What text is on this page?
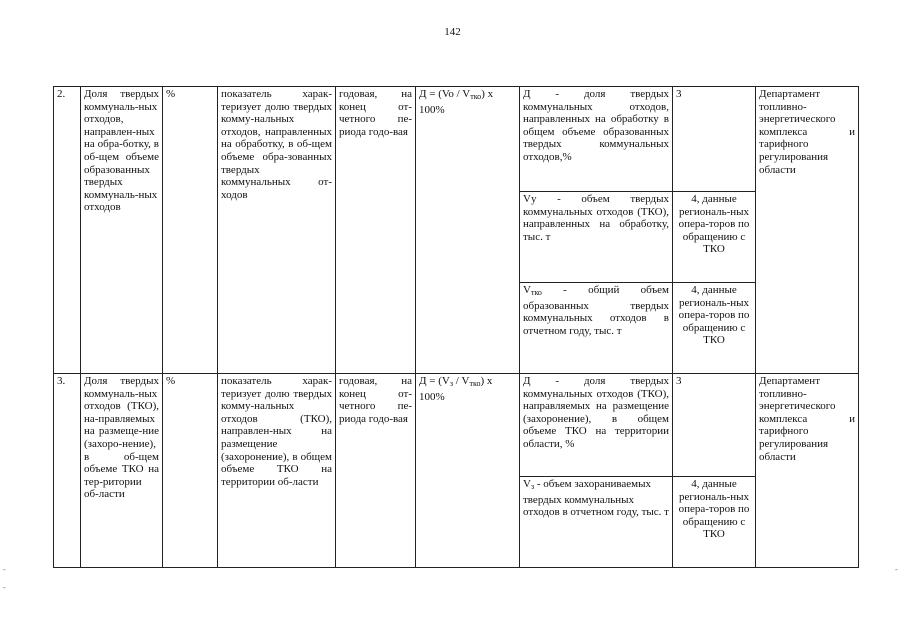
142
2.	Доля твердых коммуналь-ных отходов, направлен-ных на обра-ботку, в об-щем объеме образованных твердых коммуналь-ных отходов	%	показатель харак-теризует долю твердых комму-нальных отходов, направленных на обработку, в об-щем объеме обра-зованных твердых коммунальных от-ходов	годовая, на конец от-четного пе-риода годо-вая	$Д = (Vo / V_{тко})$ x 100%	Д - доля твердых коммунальных отходов, направленных на обработку в общем объеме образованных твердых коммунальных отходов,%	3	Департамент топливно-энергетического комплекса и тарифного регулирования области
						Vу - объем твердых коммунальных отходов (ТКО), направленных на обработку, тыс. т	4, данные региональ-ных опера-торов по обращению с ТКО	
						$V_{тко}$ - общий объем образованных твердых коммунальных отходов в отчетном году, тыс. т	4, данные региональ-ных опера-торов по обращению с ТКО	
3.	Доля твердых коммуналь-ных отходов (ТКО), на-правляемых на размеще-ние (захоро-нение), в об-щем объеме ТКО на тер-ритории об-ласти	%	показатель харак-теризует долю твердых комму-нальных отходов (ТКО), направлен-ных на размещение (захоронение), в общем объеме ТКО на территории об-ласти	годовая, на конец от-четного пе-риода годо-вая	$Д = (V_з / V_{тко})$ x 100%	Д - доля твердых коммунальных отходов (ТКО), направляемых на размещение (захоронение), в общем объеме ТКО на территории области, %	3	Департамент топливно-энергетического комплекса и тарифного регулирования области
						$V_з$ - объем захораниваемых твердых коммунальных отходов в отчетном году, тыс. т	4, данные региональ-ных опера-торов по обращению с ТКО	
-
-
-
